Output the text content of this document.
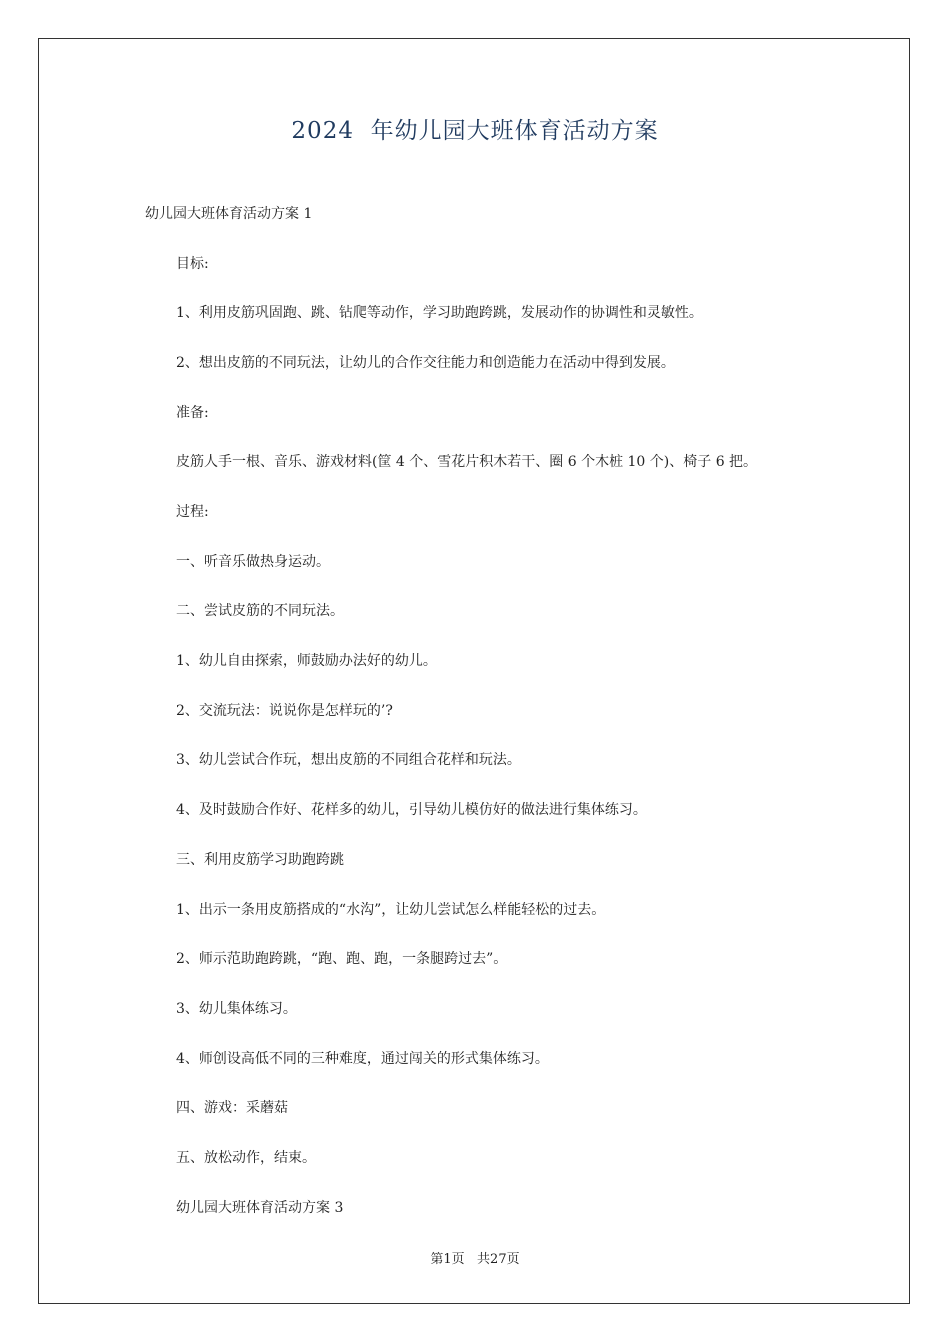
2024  年幼儿园大班体育活动方案
幼儿园大班体育活动方案 1
目标:
1、利用皮筋巩固跑、跳、钻爬等动作，学习助跑跨跳，发展动作的协调性和灵敏性。
2、想出皮筋的不同玩法，让幼儿的合作交往能力和创造能力在活动中得到发展。
准备:
皮筋人手一根、音乐、游戏材料(筐 4 个、雪花片积木若干、圈 6 个木桩 10 个)、椅子 6 把。
过程:
一、听音乐做热身运动。
二、尝试皮筋的不同玩法。
1、幼儿自由探索，师鼓励办法好的幼儿。
2、交流玩法：说说你是怎样玩的’?
3、幼儿尝试合作玩，想出皮筋的不同组合花样和玩法。
4、及时鼓励合作好、花样多的幼儿，引导幼儿模仿好的做法进行集体练习。
三、利用皮筋学习助跑跨跳
1、出示一条用皮筋搭成的“水沟”，让幼儿尝试怎么样能轻松的过去。
2、师示范助跑跨跳，“跑、跑、跑，一条腿跨过去”。
3、幼儿集体练习。
4、师创设高低不同的三种难度，通过闯关的形式集体练习。
四、游戏：采蘑菇
五、放松动作，结束。
幼儿园大班体育活动方案 3
第1页   共27页
